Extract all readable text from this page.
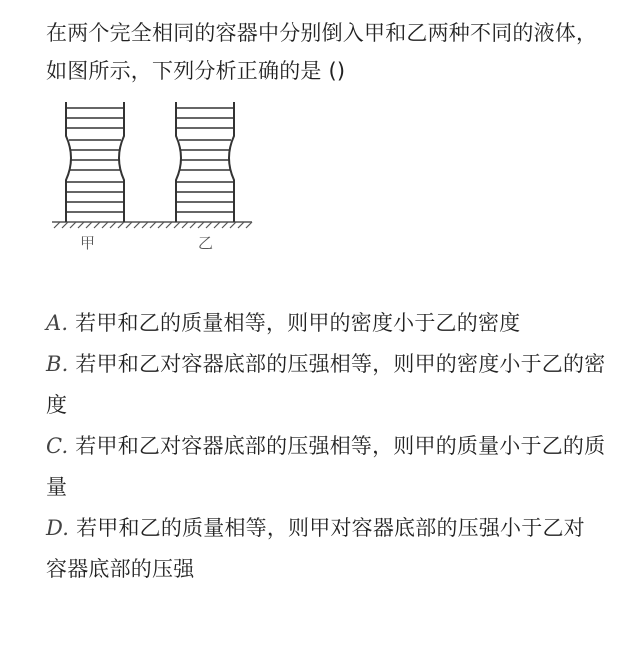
在两个完全相同的容器中分别倒入甲和乙两种不同的液体，如图所示，下列分析正确的是 ()
甲	乙
A. 若甲和乙的质量相等，则甲的密度小于乙的密度
B. 若甲和乙对容器底部的压强相等，则甲的密度小于乙的密度
C. 若甲和乙对容器底部的压强相等，则甲的质量小于乙的质量
D. 若甲和乙的质量相等，则甲对容器底部的压强小于乙对容器底部的压强
